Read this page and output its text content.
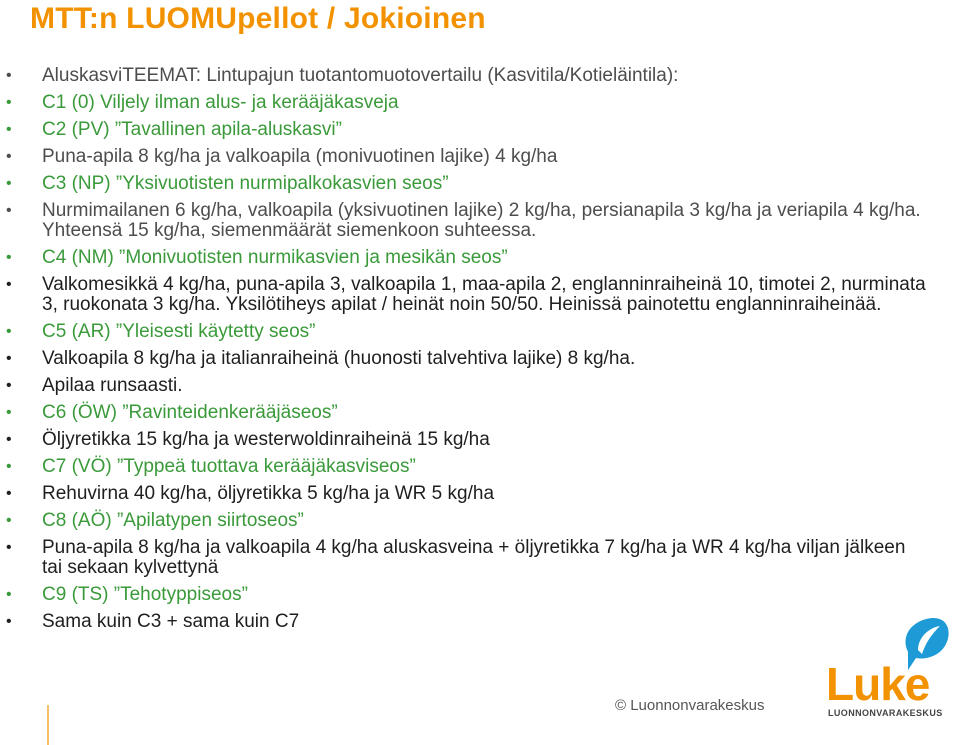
MTT:n LUOMUpellot / Jokioinen
• AluskasviTEEMAT: Lintupajun tuotantomuotovertailu (Kasvitila/Kotieläintila):
• C1 (0) Viljely ilman alus- ja kerääjäkasveja
• C2 (PV) ”Tavallinen apila-aluskasvi”
• Puna-apila 8 kg/ha ja valkoapila (monivuotinen lajike) 4 kg/ha
• C3 (NP) ”Yksivuotisten nurmipalkokasvien seos”
• Nurmimailanen 6 kg/ha, valkoapila (yksivuotinen lajike) 2 kg/ha, persianapila 3 kg/ha ja veriapila 4 kg/ha. Yhteensä 15 kg/ha, siemenmäärät siemenkoon suhteessa.
• C4 (NM) ”Monivuotisten nurmikasvien ja mesikän seos”
• Valkomesikkä 4 kg/ha, puna-apila 3, valkoapila 1, maa-apila 2, englanninraiheinä 10, timotei 2, nurminata 3, ruokonata 3 kg/ha. Yksilötiheys apilat / heinät noin 50/50. Heinissä painotettu englanninraiheinää.
• C5 (AR) ”Yleisesti käytetty seos”
• Valkoapila 8 kg/ha ja italianraiheinä (huonosti talvehtiva lajike) 8 kg/ha.
• Apilaa runsaasti.
• C6 (ÖW) ”Ravinteidenkerääjäseos”
• Öljyretikka 15 kg/ha ja westerwoldinraiheinä 15 kg/ha
• C7 (VÖ) ”Typpeä tuottava kerääjäkasviseos”
• Rehuvirna 40 kg/ha, öljyretikka 5 kg/ha ja WR 5 kg/ha
• C8 (AÖ) ”Apilatypen siirtoseos”
• Puna-apila 8 kg/ha ja valkoapila 4 kg/ha aluskasveina + öljyretikka 7 kg/ha ja WR 4 kg/ha viljan jälkeen tai sekaan kylvettynä
• C9 (TS) ”Tehotyppiseos”
• Sama kuin C3 + sama kuin C7
© Luonnonvarakeskus Luke
LUONNONVARAKESKUS
